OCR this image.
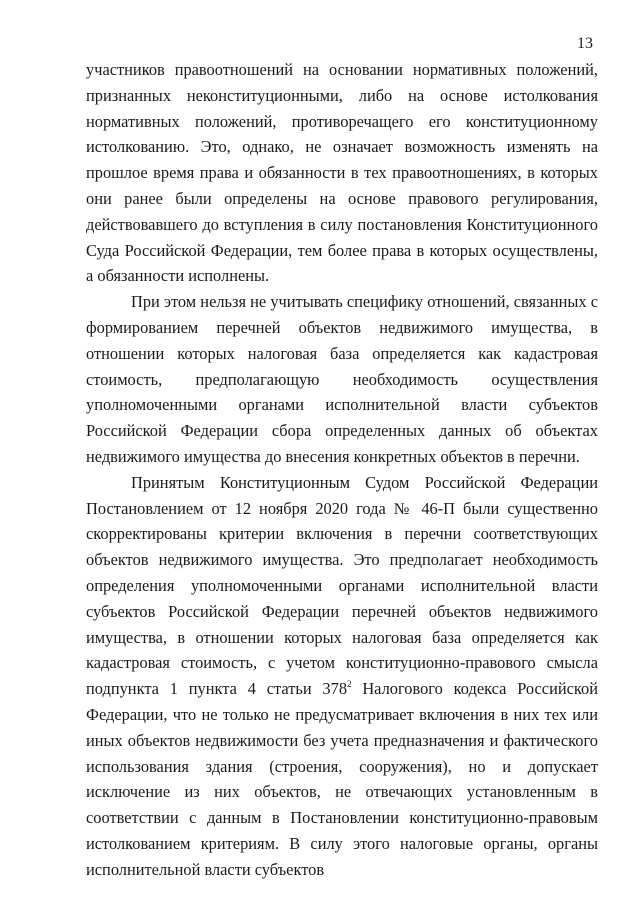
13

участников правоотношений на основании нормативных положений, признанных неконституционными, либо на основе истолкования нормативных положений, противоречащего его конституционному истолкованию. Это, однако, не означает возможность изменять на прошлое время права и обязанности в тех правоотношениях, в которых они ранее были определены на основе правового регулирования, действовавшего до вступления в силу постановления Конституционного Суда Российской Федерации, тем более права в которых осуществлены, а обязанности исполнены.

При этом нельзя не учитывать специфику отношений, связанных с формированием перечней объектов недвижимого имущества, в отношении которых налоговая база определяется как кадастровая стоимость, предполагающую необходимость осуществления уполномоченными органами исполнительной власти субъектов Российской Федерации сбора определенных данных об объектах недвижимого имущества до внесения конкретных объектов в перечни.

Принятым Конституционным Судом Российской Федерации Постановлением от 12 ноября 2020 года № 46-П были существенно скорректированы критерии включения в перечни соответствующих объектов недвижимого имущества. Это предполагает необходимость определения уполномоченными органами исполнительной власти субъектов Российской Федерации перечней объектов недвижимого имущества, в отношении которых налоговая база определяется как кадастровая стоимость, с учетом конституционно-правового смысла подпункта 1 пункта 4 статьи $378^2$ Налогового кодекса Российской Федерации, что не только не предусматривает включения в них тех или иных объектов недвижимости без учета предназначения и фактического использования здания (строения, сооружения), но и допускает исключение из них объектов, не отвечающих установленным в соответствии с данным в Постановлении конституционно-правовым истолкованием критериям. В силу этого налоговые органы, органы исполнительной власти субъектов
